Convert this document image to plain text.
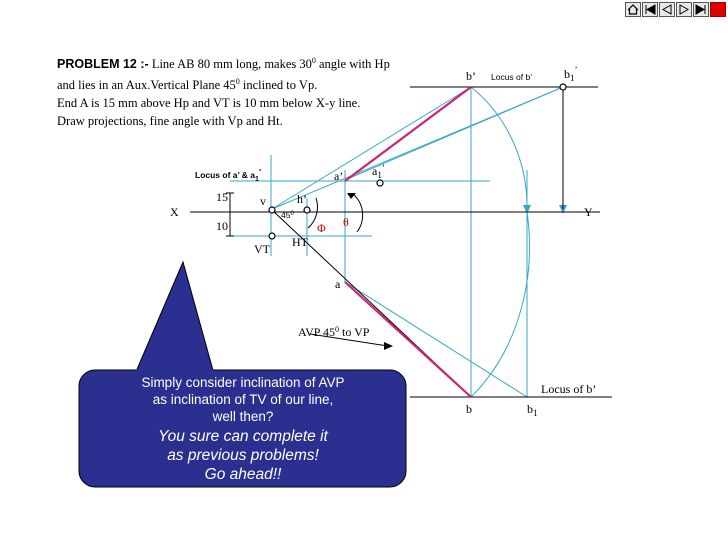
PROBLEM 12 :- Line AB 80 mm long, makes $30^0$ angle with Hp
and lies in an Aux.Vertical Plane $45^0$ inclined to Vp.
End A is 15 mm above Hp and VT is 10 mm below X-y line.
Draw projections, fine angle with Vp and Ht.
X	Y
b’ Locus of b’	$b_1^’$
Locus of a’ & $a_1$’	a’ $a_1^’$
15
10
v	h’
$45^0$
VT HT
Φ θ
a
AVP $45^0$ to VP
Locus of b’
b	$b_1$
Simply consider inclination of AVP
as inclination of TV of our line,
well then?
You sure can complete it
as previous problems!
Go ahead!!
